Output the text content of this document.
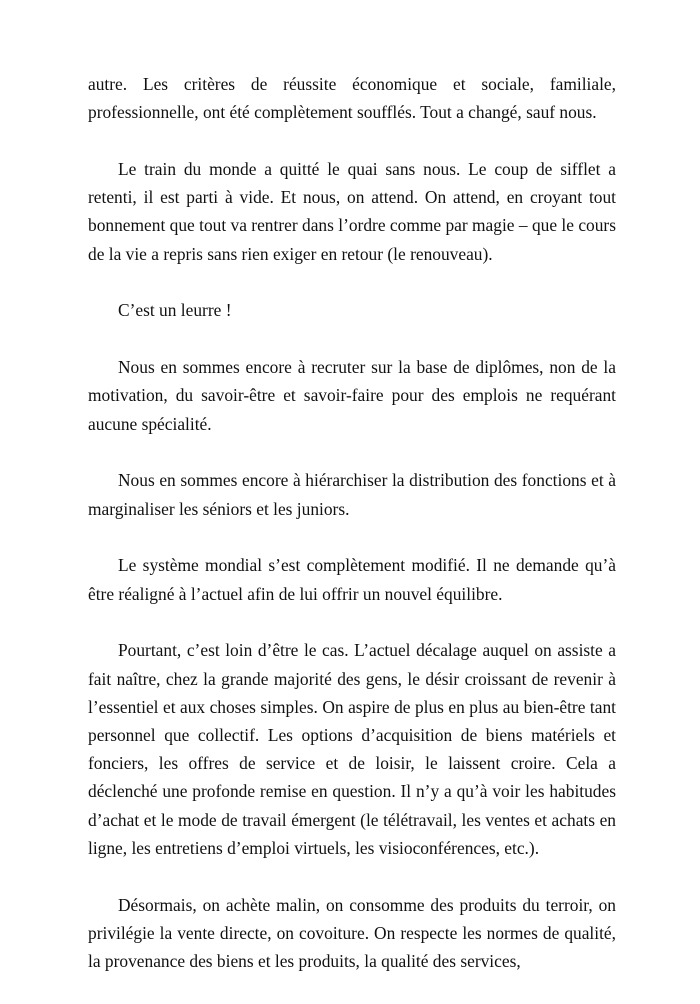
autre. Les critères de réussite économique et sociale, familiale, professionnelle, ont été complètement soufflés. Tout a changé, sauf nous.

Le train du monde a quitté le quai sans nous. Le coup de sifflet a retenti, il est parti à vide. Et nous, on attend. On attend, en croyant tout bonnement que tout va rentrer dans l’ordre comme par magie – que le cours de la vie a repris sans rien exiger en retour (le renouveau).

C’est un leurre !

Nous en sommes encore à recruter sur la base de diplômes, non de la motivation, du savoir-être et savoir-faire pour des emplois ne requérant aucune spécialité.

Nous en sommes encore à hiérarchiser la distribution des fonctions et à marginaliser les séniors et les juniors.

Le système mondial s’est complètement modifié. Il ne demande qu’à être réaligné à l’actuel afin de lui offrir un nouvel équilibre.

Pourtant, c’est loin d’être le cas. L’actuel décalage auquel on assiste a fait naître, chez la grande majorité des gens, le désir croissant de revenir à l’essentiel et aux choses simples. On aspire de plus en plus au bien-être tant personnel que collectif. Les options d’acquisition de biens matériels et fonciers, les offres de service et de loisir, le laissent croire. Cela a déclenché une profonde remise en question. Il n’y a qu’à voir les habitudes d’achat et le mode de travail émergent (le télétravail, les ventes et achats en ligne, les entretiens d’emploi virtuels, les visioconférences, etc.).

Désormais, on achète malin, on consomme des produits du terroir, on privilégie la vente directe, on covoiture. On respecte les normes de qualité, la provenance des biens et les produits, la qualité des services,
